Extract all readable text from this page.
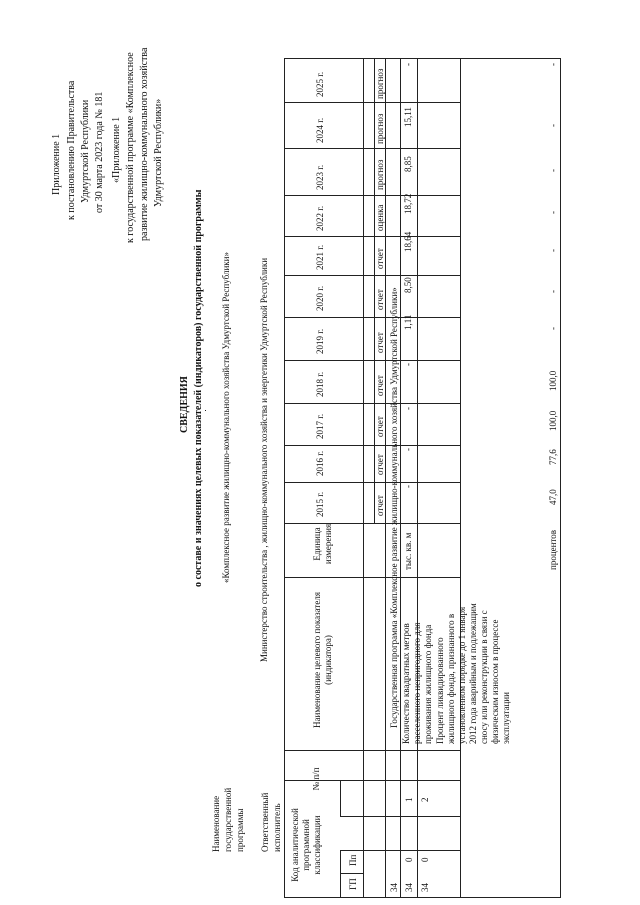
Приложение 1 к постановлению Правительства Удмуртской Республики от 30 марта 2023 года № 181 «Приложение 1 к государственной программе «Комплексное развитие жилищно-коммунального хозяйства Удмуртской Республики»
СВЕДЕНИЯ о составе и значениях целевых показателей (индикаторов) государственной программы «Комплексное развитие жилищно-коммунального хозяйства Удмуртской Республики»	Министерство строительства , жилищно-коммунального хозяйства и энергетики Удмуртской Республики
Наименование государственной программы Ответственный исполнитель Код аналитической программной классификации
ГП
Пп
№ п/п
Наименование целевого показателя (индикатора)
Единица измерения
2015 г.
2016 г.
2017 г.
2018 г.
2019 г.
2020 г.
2021 г.
2022 г.
2023 г.
2024 г.
2025 г.
отчет
отчет
отчет
отчет
отчет
отчет
отчет
оценка
прогноз
прогноз
прогноз
34
Государственная программа «Комплексное развитие жилищно-коммунального хозяйства Удмуртской Республики»
34
0
1
Количество квадратных метров расселенного непригодного для проживания жилищного фонда
тыс. кв. м
-
-
-
-
1,11
8,50
18,64
18,72
8,85
15,11
-
34
0
2
Процент ликвидированного жилищного фонда, признанного в установленном порядке до 1 января 2012 года аварийным и подлежащим сносу или реконструкции в связи с физическим износом в процессе эксплуатации
процентов
47,0
77,6
100,0
100,0
-
-
-
-
-
-
-
